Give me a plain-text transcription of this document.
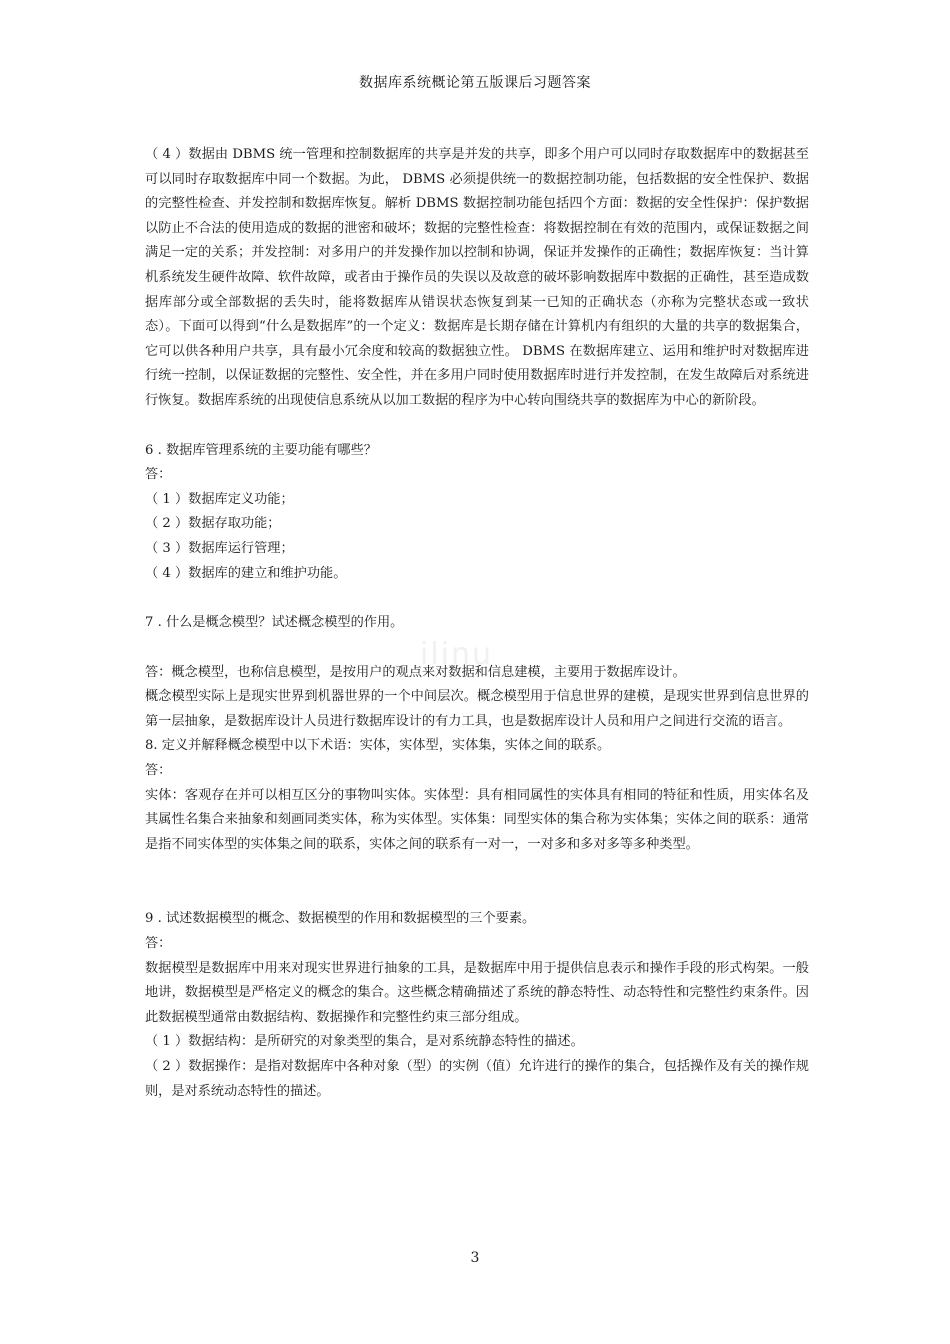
数据库系统概论第五版课后习题答案
ilinu

（ 4 ）数据由 DBMS 统一管理和控制数据库的共享是并发的共享，即多个用户可以同时存取数据库中的数据甚至可以同时存取数据库中同一个数据。为此， DBMS 必须提供统一的数据控制功能，包括数据的安全性保护、数据的完整性检查、并发控制和数据库恢复。解析 DBMS 数据控制功能包括四个方面：数据的安全性保护：保护数据以防止不合法的使用造成的数据的泄密和破坏；数据的完整性检查：将数据控制在有效的范围内，或保证数据之间满足一定的关系；并发控制：对多用户的并发操作加以控制和协调，保证并发操作的正确性；数据库恢复：当计算机系统发生硬件故障、软件故障，或者由于操作员的失误以及故意的破坏影响数据库中数据的正确性，甚至造成数据库部分或全部数据的丢失时，能将数据库从错误状态恢复到某一已知的正确状态（亦称为完整状态或一致状态）。下面可以得到“什么是数据库”的一个定义：数据库是长期存储在计算机内有组织的大量的共享的数据集合，它可以供各种用户共享，具有最小冗余度和较高的数据独立性。 DBMS 在数据库建立、运用和维护时对数据库进行统一控制，以保证数据的完整性、安全性，并在多用户同时使用数据库时进行并发控制，在发生故障后对系统进行恢复。数据库系统的出现使信息系统从以加工数据的程序为中心转向围绕共享的数据库为中心的新阶段。

6 . 数据库管理系统的主要功能有哪些？

答：

（ 1 ）数据库定义功能；

（ 2 ）数据存取功能；

（ 3 ）数据库运行管理；

（ 4 ）数据库的建立和维护功能。

7 . 什么是概念模型？试述概念模型的作用。

答：概念模型，也称信息模型，是按用户的观点来对数据和信息建模，主要用于数据库设计。

概念模型实际上是现实世界到机器世界的一个中间层次。概念模型用于信息世界的建模，是现实世界到信息世界的第一层抽象，是数据库设计人员进行数据库设计的有力工具，也是数据库设计人员和用户之间进行交流的语言。

8. 定义并解释概念模型中以下术语：实体，实体型，实体集，实体之间的联系。

答：

实体：客观存在并可以相互区分的事物叫实体。实体型：具有相同属性的实体具有相同的特征和性质，用实体名及其属性名集合来抽象和刻画同类实体，称为实体型。实体集：同型实体的集合称为实体集；实体之间的联系：通常是指不同实体型的实体集之间的联系，实体之间的联系有一对一，一对多和多对多等多种类型。

9 . 试述数据模型的概念、数据模型的作用和数据模型的三个要素。

答：

数据模型是数据库中用来对现实世界进行抽象的工具，是数据库中用于提供信息表示和操作手段的形式构架。一般地讲，数据模型是严格定义的概念的集合。这些概念精确描述了系统的静态特性、动态特性和完整性约束条件。因此数据模型通常由数据结构、数据操作和完整性约束三部分组成。

（ 1 ）数据结构：是所研究的对象类型的集合，是对系统静态特性的描述。

（ 2 ）数据操作：是指对数据库中各种对象（型）的实例（值）允许进行的操作的集合，包括操作及有关的操作规则，是对系统动态特性的描述。

3
